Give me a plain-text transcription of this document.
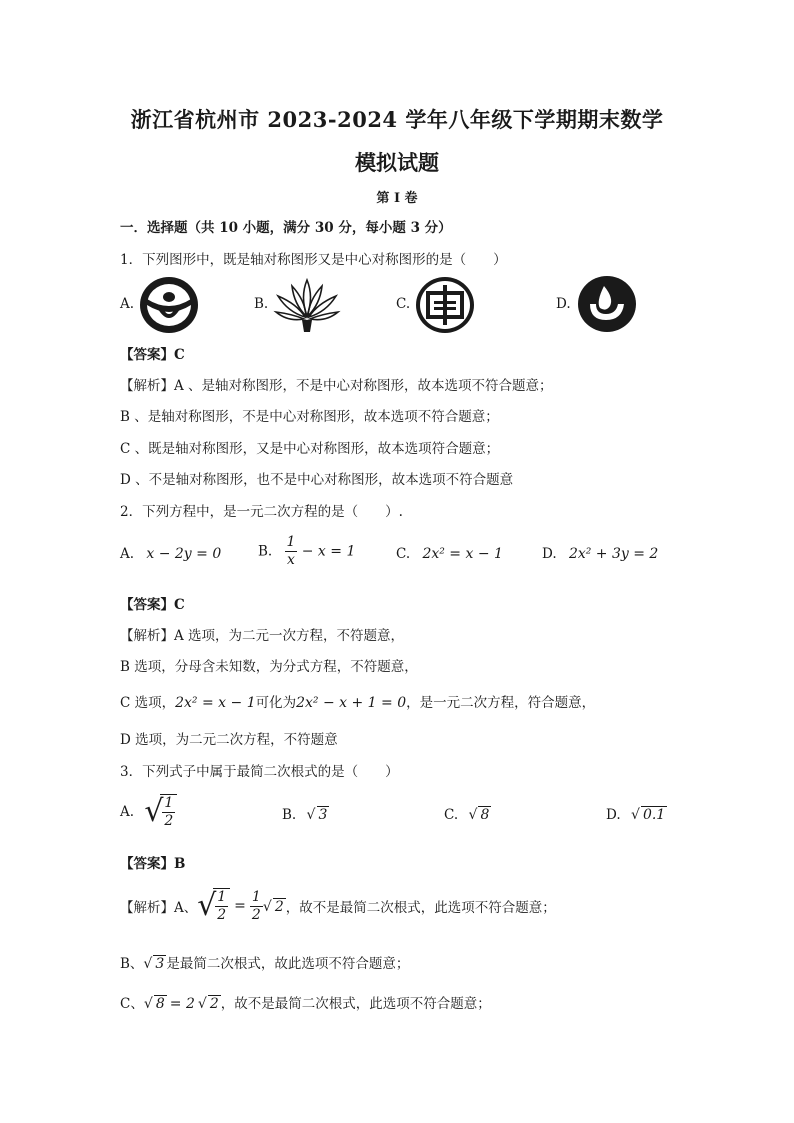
浙江省杭州市 2023-2024 学年八年级下学期期末数学
模拟试题
第 I 卷
一．选择题（共 10 小题，满分 30 分，每小题 3 分）
1．下列图形中，既是轴对称图形又是中心对称图形的是（　　）
A.	B.	C.	D.
【答案】C
【解析】A 、是轴对称图形，不是中心对称图形，故本选项不符合题意；
B 、是轴对称图形，不是中心对称图形，故本选项不符合题意；
C 、既是轴对称图形，又是中心对称图形，故本选项符合题意；
D 、不是轴对称图形，也不是中心对称图形，故本选项不符合题意
2．下列方程中，是一元二次方程的是（　　）.
A. x − 2y = 0	B. $\frac{1}{x} - x = 1$	C. 2x² = x − 1	D. 2x² + 3y = 2
【答案】C
【解析】A 选项，为二元一次方程，不符题意，
B 选项，分母含未知数，为分式方程，不符题意，
C 选项，2x² = x − 1可化为2x² − x + 1 = 0，是一元二次方程，符合题意，
D 选项，为二元二次方程，不符题意
3．下列式子中属于最简二次根式的是（　　）
A. √
$\frac{1}{2}$	B. √ 3	C. √ 8	D. √ 0.1
【答案】B
【解析】A、 √
$\frac{1}{2} = \frac{1}{2}$ √ 2 ，故不是最简二次根式，此选项不符合题意；
B、 √ 3 是最简二次根式，故此选项不符合题意；
C、 √ 8 = 2 √ 2 ，故不是最简二次根式，此选项不符合题意；
